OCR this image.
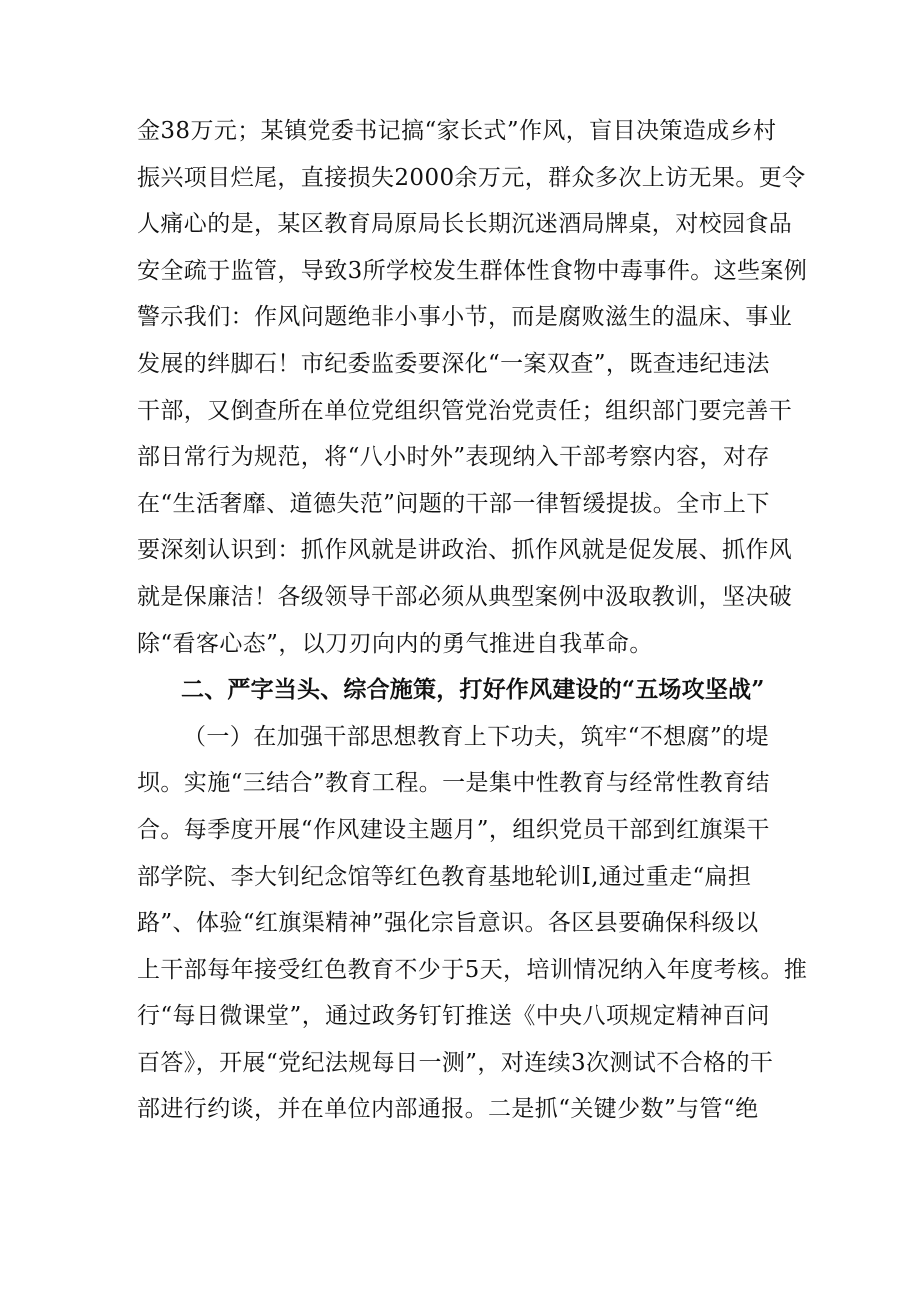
金38万元；某镇党委书记搞“家长式”作风，盲目决策造成乡村
振兴项目烂尾，直接损失2000余万元，群众多次上访无果。更令
人痛心的是，某区教育局原局长长期沉迷酒局牌桌，对校园食品
安全疏于监管，导致3所学校发生群体性食物中毒事件。这些案例
警示我们：作风问题绝非小事小节，而是腐败滋生的温床、事业
发展的绊脚石！市纪委监委要深化“一案双查”，既查违纪违法
干部，又倒查所在单位党组织管党治党责任；组织部门要完善干
部日常行为规范，将“八小时外”表现纳入干部考察内容，对存
在“生活奢靡、道德失范”问题的干部一律暂缓提拔。全市上下
要深刻认识到：抓作风就是讲政治、抓作风就是促发展、抓作风
就是保廉洁！各级领导干部必须从典型案例中汲取教训，坚决破
除“看客心态”，以刀刃向内的勇气推进自我革命。
二、严字当头、综合施策，打好作风建设的“五场攻坚战”
（一）在加强干部思想教育上下功夫，筑牢“不想腐”的堤
坝。实施“三结合”教育工程。一是集中性教育与经常性教育结
合。每季度开展“作风建设主题月”，组织党员干部到红旗渠干
部学院、李大钊纪念馆等红色教育基地轮训I,通过重走“扁担
路”、体验“红旗渠精神”强化宗旨意识。各区县要确保科级以
上干部每年接受红色教育不少于5天，培训情况纳入年度考核。推
行“每日微课堂”，通过政务钉钉推送《中央八项规定精神百问
百答》，开展“党纪法规每日一测”，对连续3次测试不合格的干
部进行约谈，并在单位内部通报。二是抓“关键少数”与管“绝
